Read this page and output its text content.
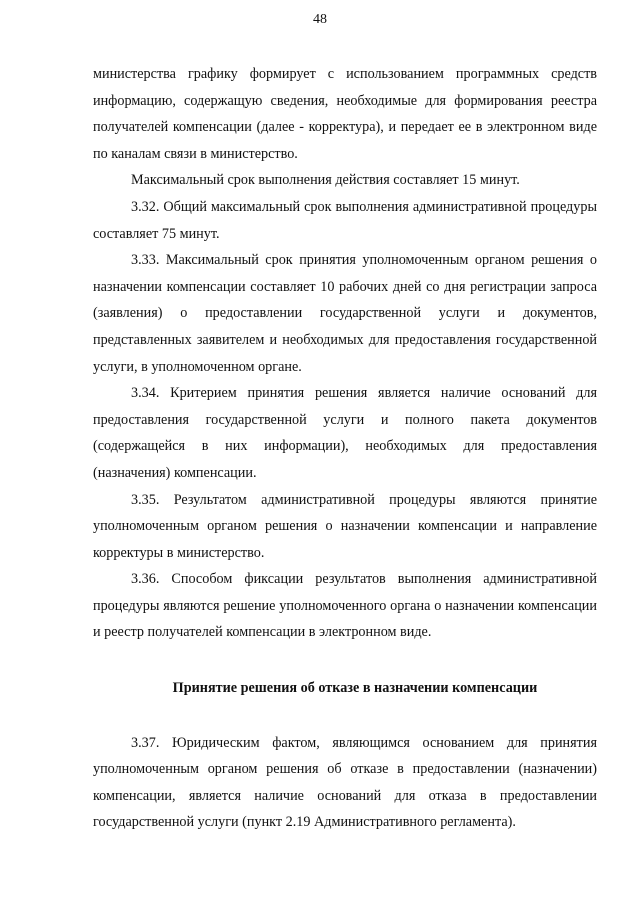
48

министерства графику формирует с использованием программных средств информацию, содержащую сведения, необходимые для формирования реестра получателей компенсации (далее - корректура), и передает ее в электронном виде по каналам связи в министерство.

Максимальный срок выполнения действия составляет 15 минут.

3.32. Общий максимальный срок выполнения административной процедуры составляет 75 минут.

3.33. Максимальный срок принятия уполномоченным органом решения о назначении компенсации составляет 10 рабочих дней со дня регистрации запроса (заявления) о предоставлении государственной услуги и документов, представленных заявителем и необходимых для предоставления государственной услуги, в уполномоченном органе.

3.34. Критерием принятия решения является наличие оснований для предоставления государственной услуги и полного пакета документов (содержащейся в них информации), необходимых для предоставления (назначения) компенсации.

3.35. Результатом административной процедуры являются принятие уполномоченным органом решения о назначении компенсации и направление корректуры в министерство.

3.36. Способом фиксации результатов выполнения административной процедуры являются решение уполномоченного органа о назначении компенсации и реестр получателей компенсации в электронном виде.

Принятие решения об отказе в назначении компенсации

3.37. Юридическим фактом, являющимся основанием для принятия уполномоченным органом решения об отказе в предоставлении (назначении) компенсации, является наличие оснований для отказа в предоставлении государственной услуги (пункт 2.19 Административного регламента).
